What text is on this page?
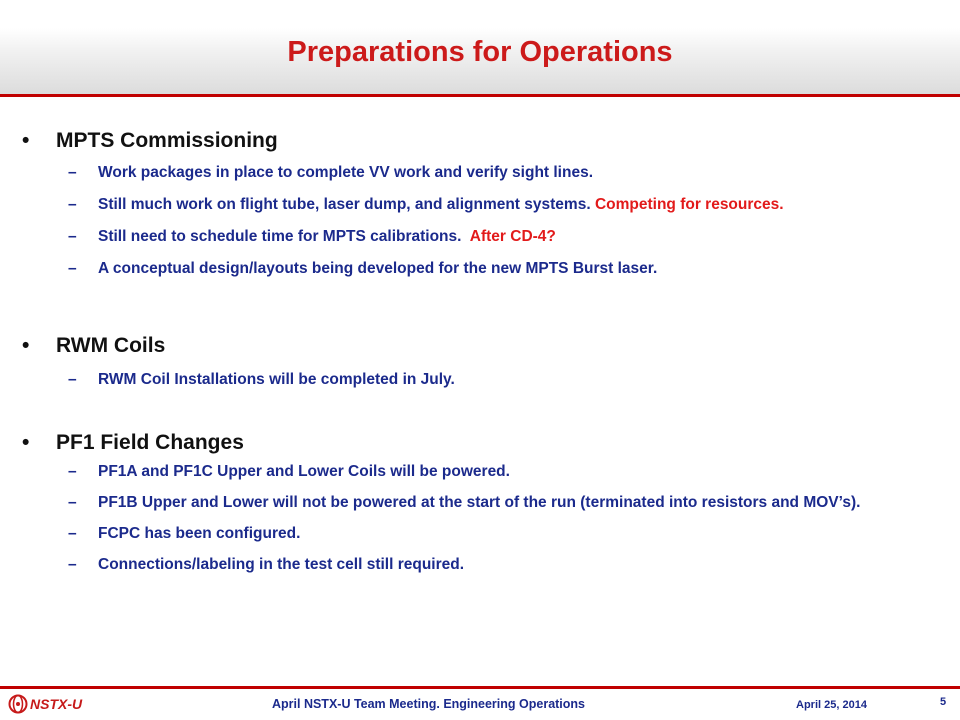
Preparations for Operations
• MPTS Commissioning
– Work packages in place to complete VV work and verify sight lines.
– Still much work on flight tube, laser dump, and alignment systems. Competing for resources.
– Still need to schedule time for MPTS calibrations. After CD-4?
– A conceptual design/layouts being developed for the new MPTS Burst laser.
• RWM Coils
– RWM Coil Installations will be completed in July.
• PF1 Field Changes
– PF1A and PF1C Upper and Lower Coils will be powered.
– PF1B Upper and Lower will not be powered at the start of the run (terminated into resistors and MOV’s).
– FCPC has been configured.
– Connections/labeling in the test cell still required.
NSTX-U	April NSTX-U Team Meeting. Engineering Operations	April 25, 2014	5
